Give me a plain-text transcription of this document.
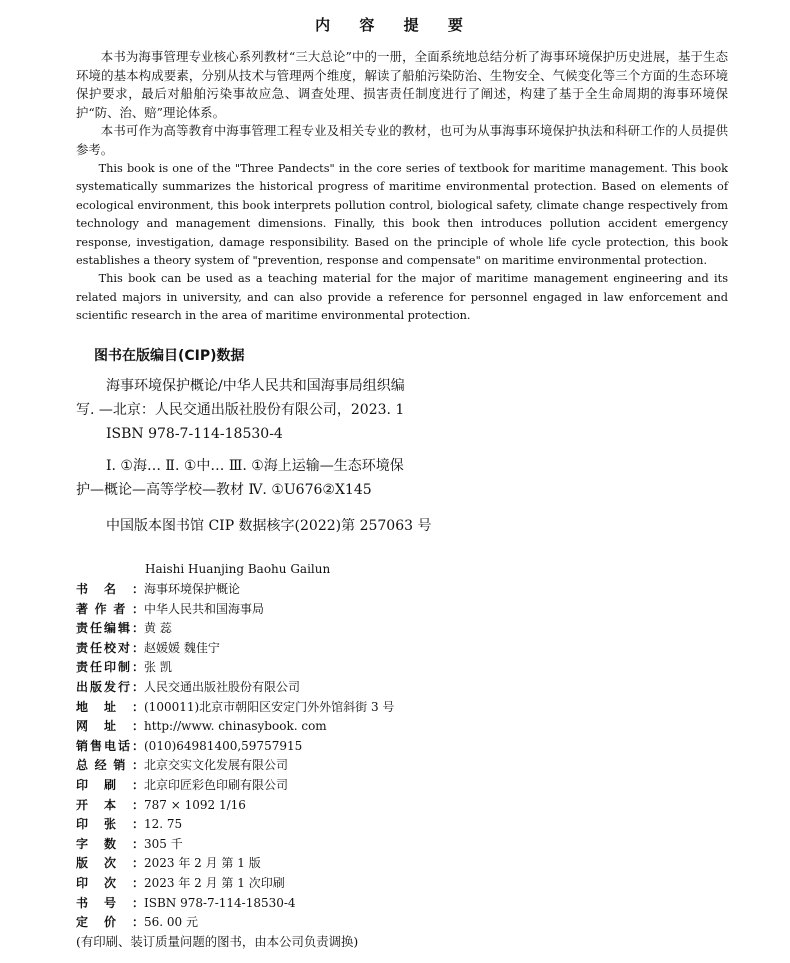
内 容 提 要

本书为海事管理专业核心系列教材“三大总论”中的一册，全面系统地总结分析了海事环境保护历史进展，基于生态环境的基本构成要素，分别从技术与管理两个维度，解读了船舶污染防治、生物安全、气候变化等三个方面的生态环境保护要求，最后对船舶污染事故应急、调查处理、损害责任制度进行了阐述，构建了基于全生命周期的海事环境保护“防、治、赔”理论体系。

本书可作为高等教育中海事管理工程专业及相关专业的教材，也可为从事海事环境保护执法和科研工作的人员提供参考。

This book is one of the "Three Pandects" in the core series of textbook for maritime management. This book systematically summarizes the historical progress of maritime environmental protection. Based on elements of ecological environment, this book interprets pollution control, biological safety, climate change respectively from technology and management dimensions. Finally, this book then introduces pollution accident emergency response, investigation, damage responsibility. Based on the principle of whole life cycle protection, this book establishes a theory system of "prevention, response and compensate" on maritime environmental protection.

This book can be used as a teaching material for the major of maritime management engineering and its related majors in university, and can also provide a reference for personnel engaged in law enforcement and scientific research in the area of maritime environmental protection.

图书在版编目(CIP)数据
海事环境保护概论/中华人民共和国海事局组织编
写. —北京：人民交通出版社股份有限公司，2023. 1
ISBN 978-7-114-18530-4
Ⅰ. ①海… Ⅱ. ①中… Ⅲ. ①海上运输—生态环境保
护—概论—高等学校—教材 Ⅳ. ①U676②X145
中国版本图书馆 CIP 数据核字(2022)第 257063 号
Haishi Huanjing Baohu Gailun
书 名 ： 海事环境保护概论
著 作 者 ： 中华人民共和国海事局
责 任 编 辑 ： 黄 蕊
责 任 校 对 ： 赵媛媛 魏佳宁
责 任 印 制 ： 张 凯
出 版 发 行 ： 人民交通出版社股份有限公司
地 址 ： (100011)北京市朝阳区安定门外外馆斜街 3 号
网 址 ： http://www. chinasybook. com
销 售 电 话 ： (010)64981400,59757915
总 经 销 ： 北京交实文化发展有限公司
印 刷 ： 北京印匠彩色印刷有限公司
开 本 ： 787 × 1092 1/16
印 张 ： 12. 75
字 数 ： 305 千
版 次 ： 2023 年 2 月 第 1 版
印 次 ： 2023 年 2 月 第 1 次印刷
书 号 ： ISBN 978-7-114-18530-4
定 价 ： 56. 00 元
(有印刷、装订质量问题的图书，由本公司负责调换)
